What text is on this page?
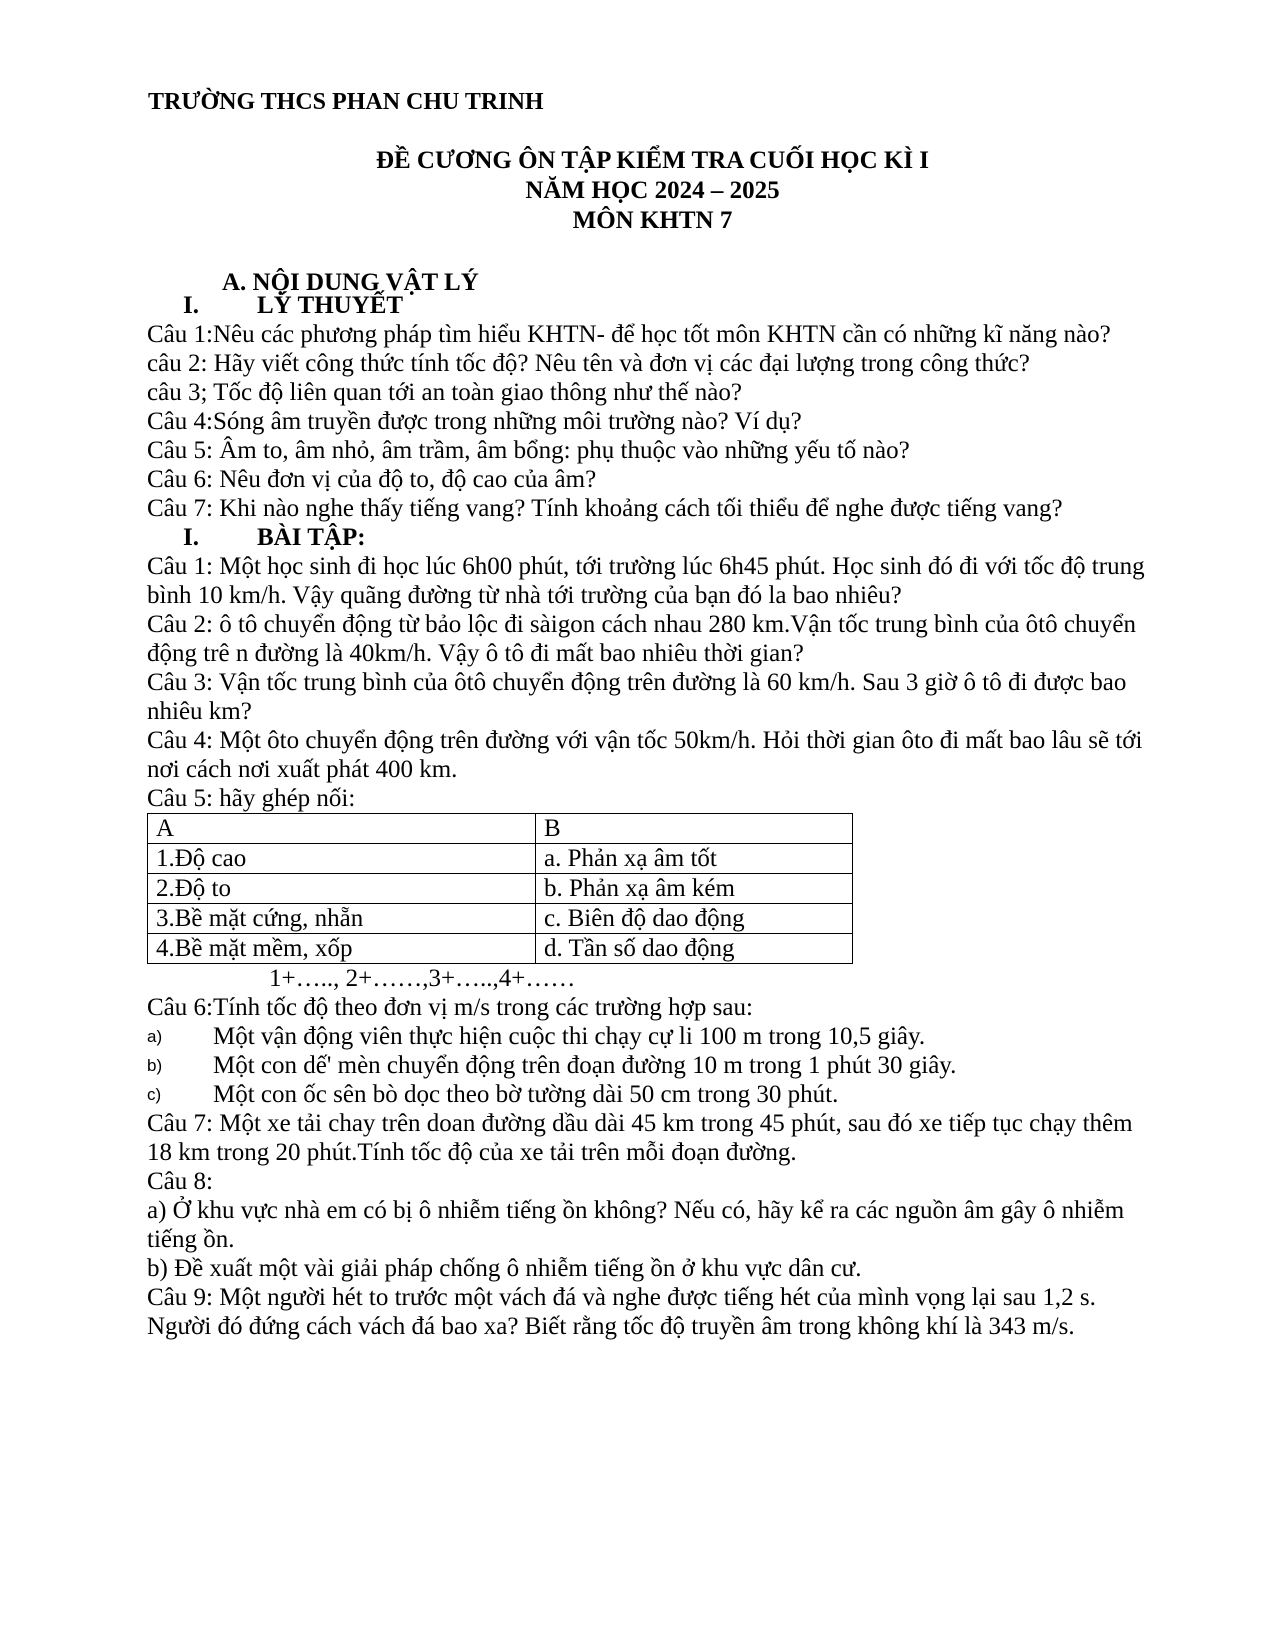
TRƯỜNG THCS PHAN CHU TRINH
ĐỀ CƯƠNG ÔN TẬP KIỂM TRA CUỐI HỌC KÌ I
NĂM HỌC 2024 – 2025
MÔN KHTN 7
A. NỘI DUNG VẬT LÝ
I. LÝ THUYẾT

Câu 1:Nêu các phương pháp tìm hiểu KHTN- để học tốt môn KHTN cần có những kĩ năng nào?

câu 2: Hãy viết công thức tính tốc độ? Nêu tên và đơn vị các đại lượng trong công thức?

câu 3; Tốc độ liên quan tới an toàn giao thông như thế nào?

Câu 4:Sóng âm truyền được trong những môi trường nào? Ví dụ?

Câu 5: Âm to, âm nhỏ, âm trầm, âm bổng: phụ thuộc vào những yếu tố nào?

Câu 6: Nêu đơn vị của độ to, độ cao của âm?

Câu 7: Khi nào nghe thấy tiếng vang? Tính khoảng cách tối thiểu để nghe được tiếng vang?

I. BÀI TẬP:

Câu 1: Một học sinh đi học lúc 6h00 phút, tới trường lúc 6h45 phút. Học sinh đó đi với tốc độ trung bình 10 km/h. Vậy quãng đường từ nhà tới trường của bạn đó la bao nhiêu?

Câu 2: ô tô chuyển động từ bảo lộc đi sàigon cách nhau 280 km.Vận tốc trung bình của ôtô chuyển động trê n đường là 40km/h. Vậy ô tô đi mất bao nhiêu thời gian?

Câu 3: Vận tốc trung bình của ôtô chuyển động trên đường là 60 km/h. Sau 3 giờ ô tô đi được bao nhiêu km?

Câu 4: Một ôto chuyển động trên đường với vận tốc 50km/h. Hỏi thời gian ôto đi mất bao lâu sẽ tới nơi cách nơi xuất phát 400 km.

Câu 5: hãy ghép nối:

A	B
1.Độ cao	a. Phản xạ âm tốt
2.Độ to	b. Phản xạ âm kém
3.Bề mặt cứng, nhẵn	c. Biên độ dao động
4.Bề mặt mềm, xốp	d. Tần số dao động

1+….., 2+……,3+…..,4+……

Câu 6:Tính tốc độ theo đơn vị m/s trong các trường hợp sau:

a) Một vận động viên thực hiện cuộc thi chạy cự li 100 m trong 10,5 giây.
b) Một con dế' mèn chuyển động trên đoạn đường 10 m trong 1 phút 30 giây.
c) Một con ốc sên bò dọc theo bờ tường dài 50 cm trong 30 phút.

Câu 7: Một xe tải chay trên doan đường dầu dài 45 km trong 45 phút, sau đó xe tiếp tục chạy thêm 18 km trong 20 phút.Tính tốc độ của xe tải trên mỗi đoạn đường.

Câu 8:

a) Ở khu vực nhà em có bị ô nhiễm tiếng ồn không? Nếu có, hãy kể ra các nguồn âm gây ô nhiễm tiếng ồn.

b) Đề xuất một vài giải pháp chống ô nhiễm tiếng ồn ở khu vực dân cư.

Câu 9: Một người hét to trước một vách đá và nghe được tiếng hét của mình vọng lại sau 1,2 s. Người đó đứng cách vách đá bao xa? Biết rằng tốc độ truyền âm trong không khí là 343 m/s.
